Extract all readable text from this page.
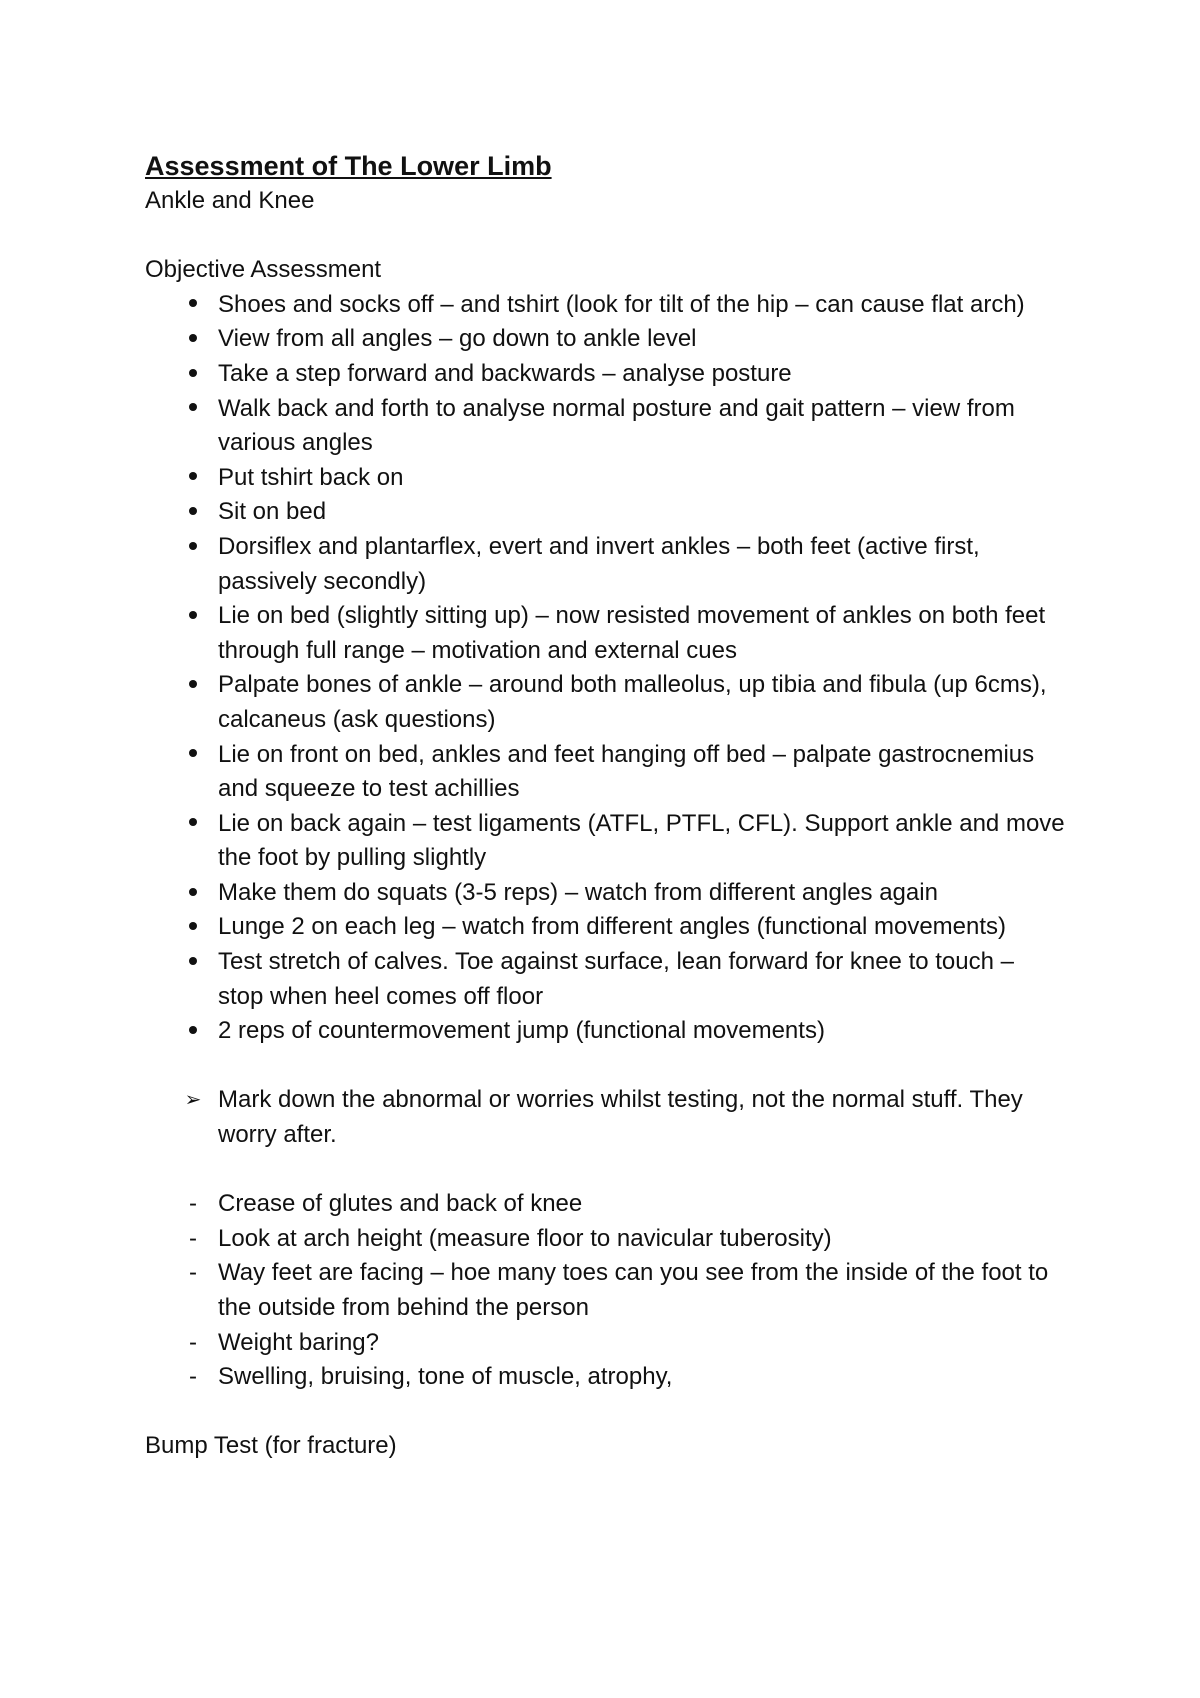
Assessment of The Lower Limb

Ankle and Knee

Objective Assessment

Shoes and socks off – and tshirt (look for tilt of the hip – can cause flat arch)
View from all angles – go down to ankle level
Take a step forward and backwards – analyse posture
Walk back and forth to analyse normal posture and gait pattern – view from various angles
Put tshirt back on
Sit on bed
Dorsiflex and plantarflex, evert and invert ankles – both feet (active first, passively secondly)
Lie on bed (slightly sitting up) – now resisted movement of ankles on both feet through full range – motivation and external cues
Palpate bones of ankle – around both malleolus, up tibia and fibula (up 6cms), calcaneus (ask questions)
Lie on front on bed, ankles and feet hanging off bed – palpate gastrocnemius and squeeze to test achillies
Lie on back again – test ligaments (ATFL, PTFL, CFL). Support ankle and move the foot by pulling slightly
Make them do squats (3-5 reps) – watch from different angles again
Lunge 2 on each leg – watch from different angles (functional movements)
Test stretch of calves. Toe against surface, lean forward for knee to touch – stop when heel comes off floor
2 reps of countermovement jump (functional movements)
➢ Mark down the abnormal or worries whilst testing, not the normal stuff. They worry after.
- Crease of glutes and back of knee
- Look at arch height (measure floor to navicular tuberosity)
- Way feet are facing – hoe many toes can you see from the inside of the foot to the outside from behind the person
- Weight baring?
- Swelling, bruising, tone of muscle, atrophy,

Bump Test (for fracture)
